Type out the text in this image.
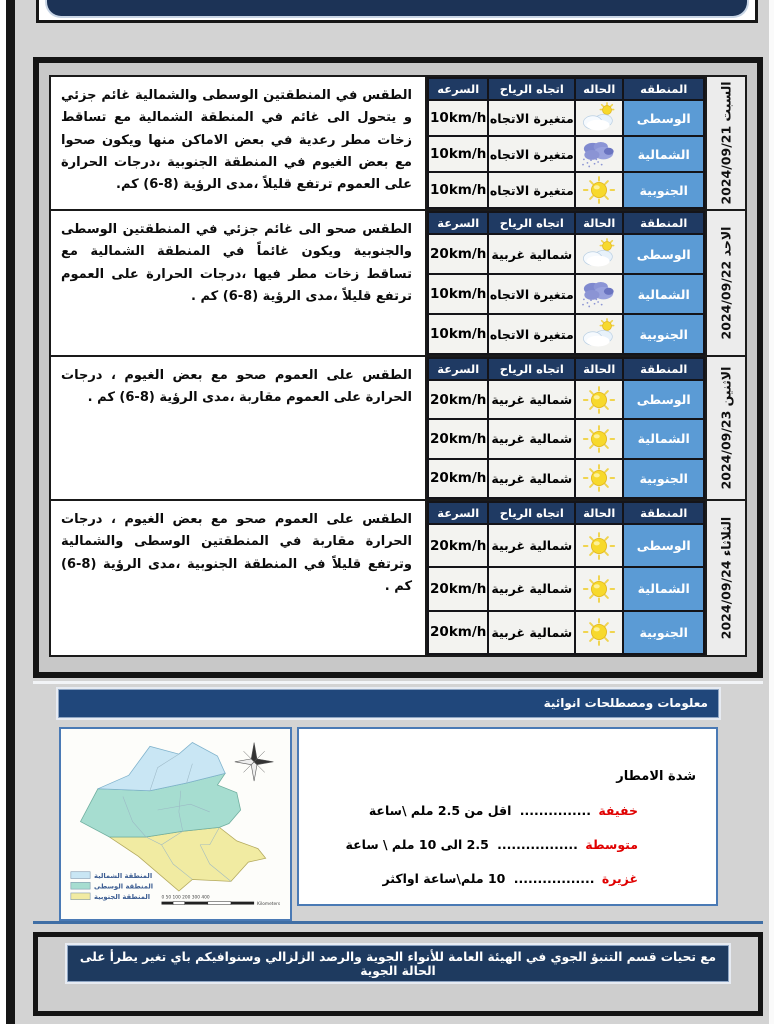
السبت 2024/09/21
المنطقه	الحاله	اتجاه الرياح	السرعه
الوسطى		متغيرة الاتجاه	10km/h
الشمالية		متغيرة الاتجاه	10km/h
الجنوبية		متغيرة الاتجاه	10km/h
الطقس في المنطقتين الوسطى والشمالية غائم جزئي و يتحول الى غائم في المنطقة الشمالية مع تساقط زخات مطر رعدية في بعض الاماكن منها ويكون صحوا مع بعض الغيوم في المنطقة الجنوبية ،درجات الحرارة على العموم ترتفع قليلاً ،مدى الرؤية (8-6) كم.
الاحد 2024/09/22
المنطقة	الحالة	اتجاه الرياح	السرعة
الوسطى		شمالية غربية	20km/h
الشمالية		متغيرة الاتجاه	10km/h
الجنوبية		متغيرة الاتجاه	10km/h
الطقس صحو الى غائم جزئي في المنطقتين الوسطى والجنوبية ويكون غائماً في المنطقة الشمالية مع تساقط زخات مطر فيها ،درجات الحرارة على العموم ترتفع قليلاً ،مدى الرؤية (8-6) كم .
الاثنين 2024/09/23
المنطقة	الحالة	اتجاه الرياح	السرعة
الوسطى		شمالية غربية	20km/h
الشمالية		شمالية غربية	20km/h
الجنوبية		شمالية غربية	20km/h
الطقس على العموم صحو مع بعض الغيوم ، درجات الحرارة على العموم مقاربة ،مدى الرؤية (8-6) كم .
الثلاثاء 2024/09/24
المنطقة	الحالة	اتجاه الرياح	السرعة
الوسطى		شمالية غربية	20km/h
الشمالية		شمالية غربية	20km/h
الجنوبية		شمالية غربية	20km/h
الطقس على العموم صحو مع بعض الغيوم ، درجات الحرارة مقاربة في المنطقتين الوسطى والشمالية وترتفع قليلاً في المنطقة الجنوبية ،مدى الرؤية (8-6) كم .
معلومات ومصطلحات انوائية
المنطقة الشمالية
المنطقة الوسطى
المنطقة الجنوبية	0 50 100 200 300 400
Kilometers
شدة الامطار
خفيفة ............... اقل من 2.5 ملم \ساعة
متوسطة ................. 2.5 الى 10 ملم \ ساعة
غزيرة ................. 10 ملم\ساعة اواكثر
مع تحيات قسم التنبؤ الجوي في الهيئة العامة للأنواء الجوية والرصد الزلزالي وسنوافيكم باي تغير يطرأ على الحالة الجوية
